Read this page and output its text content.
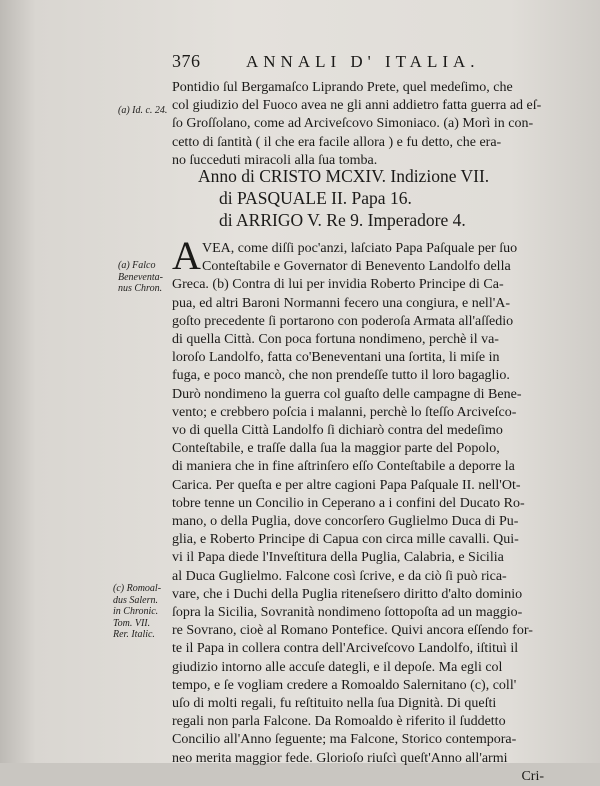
376	ANNALI D' ITALIA.
(a) Id. c. 24.
Pontidio ſul Bergamaſco Liprando Prete, quel medeſimo, che
col giudizio del Fuoco avea ne gli anni addietro fatta guerra ad eſ-
ſo Groſſolano, come ad Arciveſcovo Simoniaco. (a) Morì in con-
cetto di ſantità ( il che era facile allora ) e fu detto, che era-
no ſucceduti miracoli alla ſua tomba.
Anno di CRISTO MCXIV. Indizione VII.
di PASQUALE II. Papa 16.
di ARRIGO V. Re 9. Imperadore 4.
A
(a) Falco
Beneventa-
nus Chron.
(c) Romoal-
dus Salern.
in Chronic.
Tom. VII.
Rer. Italic.
VEA, come diſſi poc'anzi, laſciato Papa Paſquale per ſuo
Conteſtabile e Governator di Benevento Landolfo della
Greca. (b) Contra di lui per invidia Roberto Principe di Ca-
pua, ed altri Baroni Normanni fecero una congiura, e nell'A-
goſto precedente ſi portarono con poderoſa Armata all'aſſedio
di quella Città. Con poca fortuna nondimeno, perchè il va-
loroſo Landolfo, fatta co'Beneventani una ſortita, li miſe in
fuga, e poco mancò, che non prendeſſe tutto il loro bagaglio.
Durò nondimeno la guerra col guaſto delle campagne di Bene-
vento; e crebbero poſcia i malanni, perchè lo ſteſſo Arciveſco-
vo di quella Città Landolfo ſi dichiarò contra del medeſimo
Conteſtabile, e traſſe dalla ſua la maggior parte del Popolo,
di maniera che in fine aſtrinſero eſſo Conteſtabile a deporre la
Carica. Per queſta e per altre cagioni Papa Paſquale II. nell'Ot-
tobre tenne un Concilio in Ceperano a i confini del Ducato Ro-
mano, o della Puglia, dove concorſero Guglielmo Duca di Pu-
glia, e Roberto Principe di Capua con circa mille cavalli. Qui-
vi il Papa diede l'Inveſtitura della Puglia, Calabria, e Sicilia
al Duca Guglielmo. Falcone così ſcrive, e da ciò ſi può rica-
vare, che i Duchi della Puglia riteneſsero diritto d'alto dominio
ſopra la Sicilia, Sovranità nondimeno ſottopoſta ad un maggio-
re Sovrano, cioè al Romano Pontefice. Quivi ancora eſſendo for-
te il Papa in collera contra dell'Arciveſcovo Landolfo, iſtituì il
giudizio intorno alle accuſe dategli, e il depoſe. Ma egli col
tempo, e ſe vogliam credere a Romoaldo Salernitano (c), coll'
uſo di molti regali, fu reſtituito nella ſua Dignità. Di queſti
regali non parla Falcone. Da Romoaldo è riferito il ſuddetto
Concilio all'Anno ſeguente; ma Falcone, Storico contempora-
neo merita maggior fede. Glorioſo riuſcì queſt'Anno all'armi
Cri-
